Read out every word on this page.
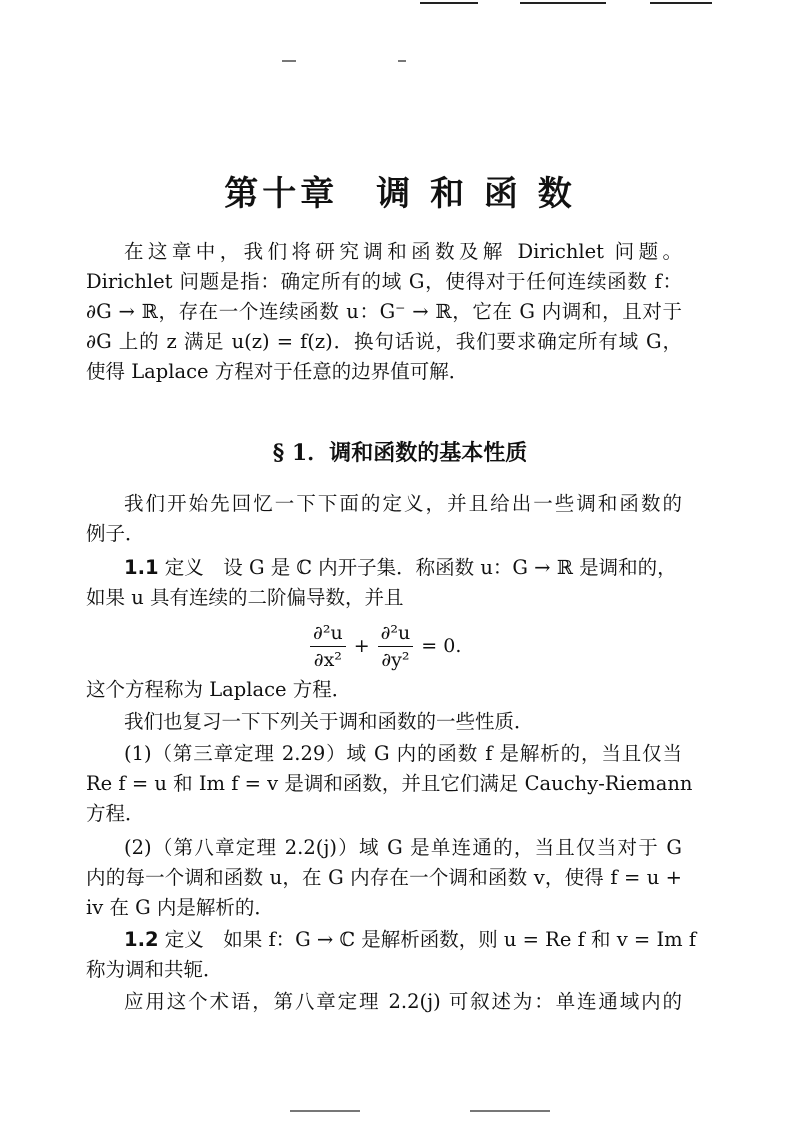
第十章　调 和 函 数
在这章中，我们将研究调和函数及解 Dirichlet 问题。
Dirichlet 问题是指：确定所有的域 G，使得对于任何连续函数 f：
∂G → ℝ，存在一个连续函数 u：G⁻ → ℝ，它在 G 内调和，且对于
∂G 上的 z 满足 u(z) = f(z)．换句话说，我们要求确定所有域 G，
使得 Laplace 方程对于任意的边界值可解．
§ 1．调和函数的基本性质
我们开始先回忆一下下面的定义，并且给出一些调和函数的
例子．
1.1 定义　设 G 是 ℂ 内开子集．称函数 u：G → ℝ 是调和的，
如果 u 具有连续的二阶偏导数，并且
$\frac{\text{∂²u}}{\text{∂x²}} + \frac{\text{∂²u}}{\text{∂y²}} = 0$.
这个方程称为 Laplace 方程．
我们也复习一下下列关于调和函数的一些性质．
(1)（第三章定理 2.29）域 G 内的函数 f 是解析的，当且仅当
Re f = u 和 Im f = v 是调和函数，并且它们满足 Cauchy-Riemann
方程．
(2)（第八章定理 2.2(j)）域 G 是单连通的，当且仅当对于 G
内的每一个调和函数 u，在 G 内存在一个调和函数 v，使得 f = u +
iv 在 G 内是解析的．
1.2 定义　如果 f：G → ℂ 是解析函数，则 u = Re f 和 v = Im f
称为调和共轭．
应用这个术语，第八章定理 2.2(j) 可叙述为：单连通域内的
